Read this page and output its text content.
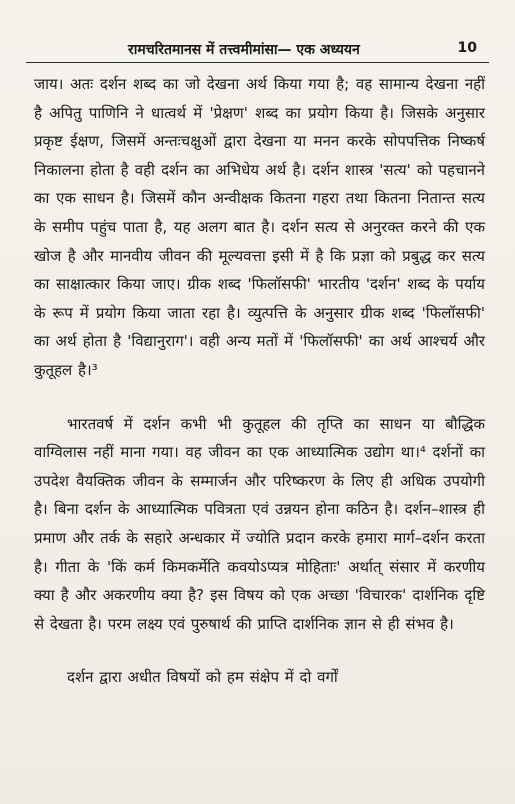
रामचरितमानस में तत्त्वमीमांसा— एक अध्ययन	10

जाय। अतः दर्शन शब्द का जो देखना अर्थ किया गया है; वह सामान्य देखना नहीं है अपितु पाणिनि ने धात्वर्थ में 'प्रेक्षण' शब्द का प्रयोग किया है। जिसके अनुसार प्रकृष्ट ईक्षण, जिसमें अन्तःचक्षुओं द्वारा देखना या मनन करके सोपपत्तिक निष्कर्ष निकालना होता है वही दर्शन का अभिधेय अर्थ है। दर्शन शास्त्र 'सत्य' को पहचानने का एक साधन है। जिसमें कौन अन्वीक्षक कितना गहरा तथा कितना नितान्त सत्य के समीप पहुंच पाता है, यह अलग बात है। दर्शन सत्य से अनुरक्त करने की एक खोज है और मानवीय जीवन की मूल्यवत्ता इसी में है कि प्रज्ञा को प्रबुद्ध कर सत्य का साक्षात्कार किया जाए। ग्रीक शब्द 'फिलॉसफी' भारतीय 'दर्शन' शब्द के पर्याय के रूप में प्रयोग किया जाता रहा है। व्युत्पत्ति के अनुसार ग्रीक शब्द 'फिलॉसफी' का अर्थ होता है 'विद्यानुराग'। वही अन्य मतों में 'फिलॉसफी' का अर्थ आश्चर्य और कुतूहल है।³

भारतवर्ष में दर्शन कभी भी कुतूहल की तृप्ति का साधन या बौद्धिक वाग्विलास नहीं माना गया। वह जीवन का एक आध्यात्मिक उद्योग था।⁴ दर्शनों का उपदेश वैयक्तिक जीवन के सम्मार्जन और परिष्करण के लिए ही अधिक उपयोगी है। बिना दर्शन के आध्यात्मिक पवित्रता एवं उन्नयन होना कठिन है। दर्शन–शास्त्र ही प्रमाण और तर्क के सहारे अन्धकार में ज्योति प्रदान करके हमारा मार्ग–दर्शन करता है। गीता के 'किं कर्म किमकर्मेति कवयोऽप्यत्र मोहिताः' अर्थात् संसार में करणीय क्या है और अकरणीय क्या है? इस विषय को एक अच्छा 'विचारक' दार्शनिक दृष्टि से देखता है। परम लक्ष्य एवं पुरुषार्थ की प्राप्ति दार्शनिक ज्ञान से ही संभव है।

दर्शन द्वारा अधीत विषयों को हम संक्षेप में दो वर्गों
